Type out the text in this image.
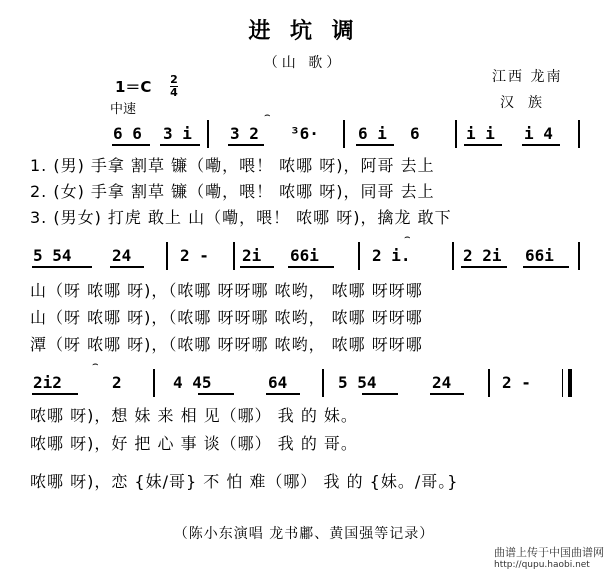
进 坑 调
（山 歌）
1＝C 2
4
中速
江西 龙南
汉族
6 6 3 i 3 2
⌢
³6· 6 i 6	i i i 4
1. (男) 手拿 割草 镰（嘞，喂！ 哝哪 呀)，阿哥 去上
2. (女) 手拿 割草 镰（嘞，喂！ 哝哪 呀)，同哥 去上
3. (男女) 打虎 敢上 山（嘞，喂！ 哝哪 呀)，擒龙 敢下
5 54	24	2 - 2i 66i	2 i.
⌢
2 2i 66i
山（呀 哝哪 呀)，（哝哪 呀呀哪 哝哟， 哝哪 呀呀哪
山（呀 哝哪 呀)，（哝哪 呀呀哪 哝哟， 哝哪 呀呀哪
潭（呀 哝哪 呀)，（哝哪 呀呀哪 哝哟， 哝哪 呀呀哪
2i2
⌢
2	4 45	64	5 54	24	2 -
哝哪 呀)，想 妹 来 相 见（哪） 我 的 妹。
哝哪 呀)，好 把 心 事 谈（哪） 我 的 哥。
哝哪 呀)，恋 {妹/哥} 不 怕 难（哪） 我 的 {妹。/哥。}
（陈小东演唱 龙书鄘、黄国强等记录）
曲谱上传于中国曲谱网
http://qupu.haobi.net
